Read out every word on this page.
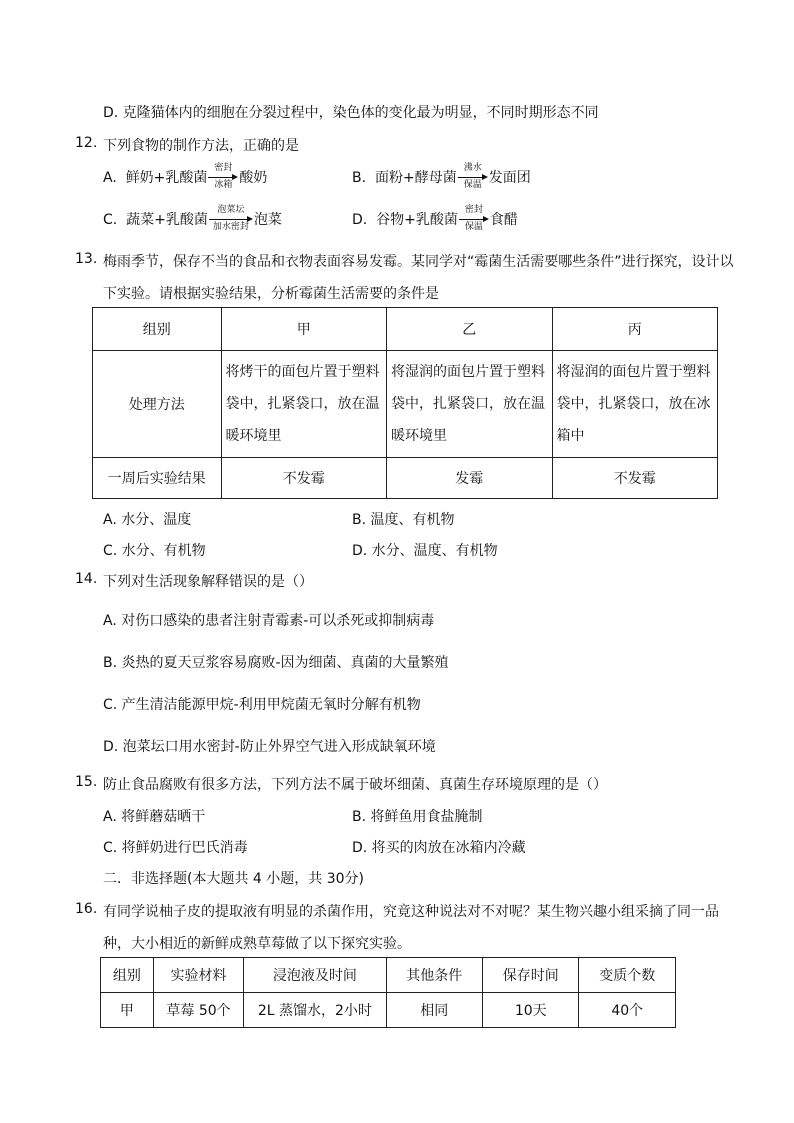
D. 克隆猫体内的细胞在分裂过程中，染色体的变化最为明显，不同时期形态不同
12. 下列食物的制作方法，正确的是
A. 鲜奶+乳酸菌
密封
冰箱 酸奶	B. 面粉+酵母菌
沸水
保温 发面团
C. 蔬菜+乳酸菌
泡菜坛
加水密封 泡菜	D. 谷物+乳酸菌
密封
保温 食醋
13. 梅雨季节，保存不当的食品和衣物表面容易发霉。某同学对“霉菌生活需要哪些条件”进行探究，设计以
下实验。请根据实验结果，分析霉菌生活需要的条件是
组别	甲	乙	丙
处理方法	将烤干的面包片置于塑料袋中，扎紧袋口，放在温暖环境里	将湿润的面包片置于塑料袋中，扎紧袋口，放在温暖环境里	将湿润的面包片置于塑料袋中，扎紧袋口，放在冰箱中

一周后实验结果	不发霉	发霉	不发霉
A. 水分、温度	B. 温度、有机物
C. 水分、有机物	D. 水分、温度、有机物
14. 下列对生活现象解释错误的是（）
A. 对伤口感染的患者注射青霉素-可以杀死或抑制病毒
B. 炎热的夏天豆浆容易腐败-因为细菌、真菌的大量繁殖
C. 产生清洁能源甲烷-利用甲烷菌无氧时分解有机物
D. 泡菜坛口用水密封-防止外界空气进入形成缺氧环境
15. 防止食品腐败有很多方法，下列方法不属于破坏细菌、真菌生存环境原理的是（）
A. 将鲜蘑菇晒干	B. 将鲜鱼用食盐腌制
C. 将鲜奶进行巴氏消毒	D. 将买的肉放在冰箱内冷藏
二．非选择题(本大题共 4 小题，共 30分)
16. 有同学说柚子皮的提取液有明显的杀菌作用，究竟这种说法对不对呢？某生物兴趣小组采摘了同一品
种，大小相近的新鲜成熟草莓做了以下探究实验。
组别	实验材料	浸泡液及时间	其他条件	保存时间	变质个数
甲	草莓 50个	2L 蒸馏水，2小时	相同	10天	40个
